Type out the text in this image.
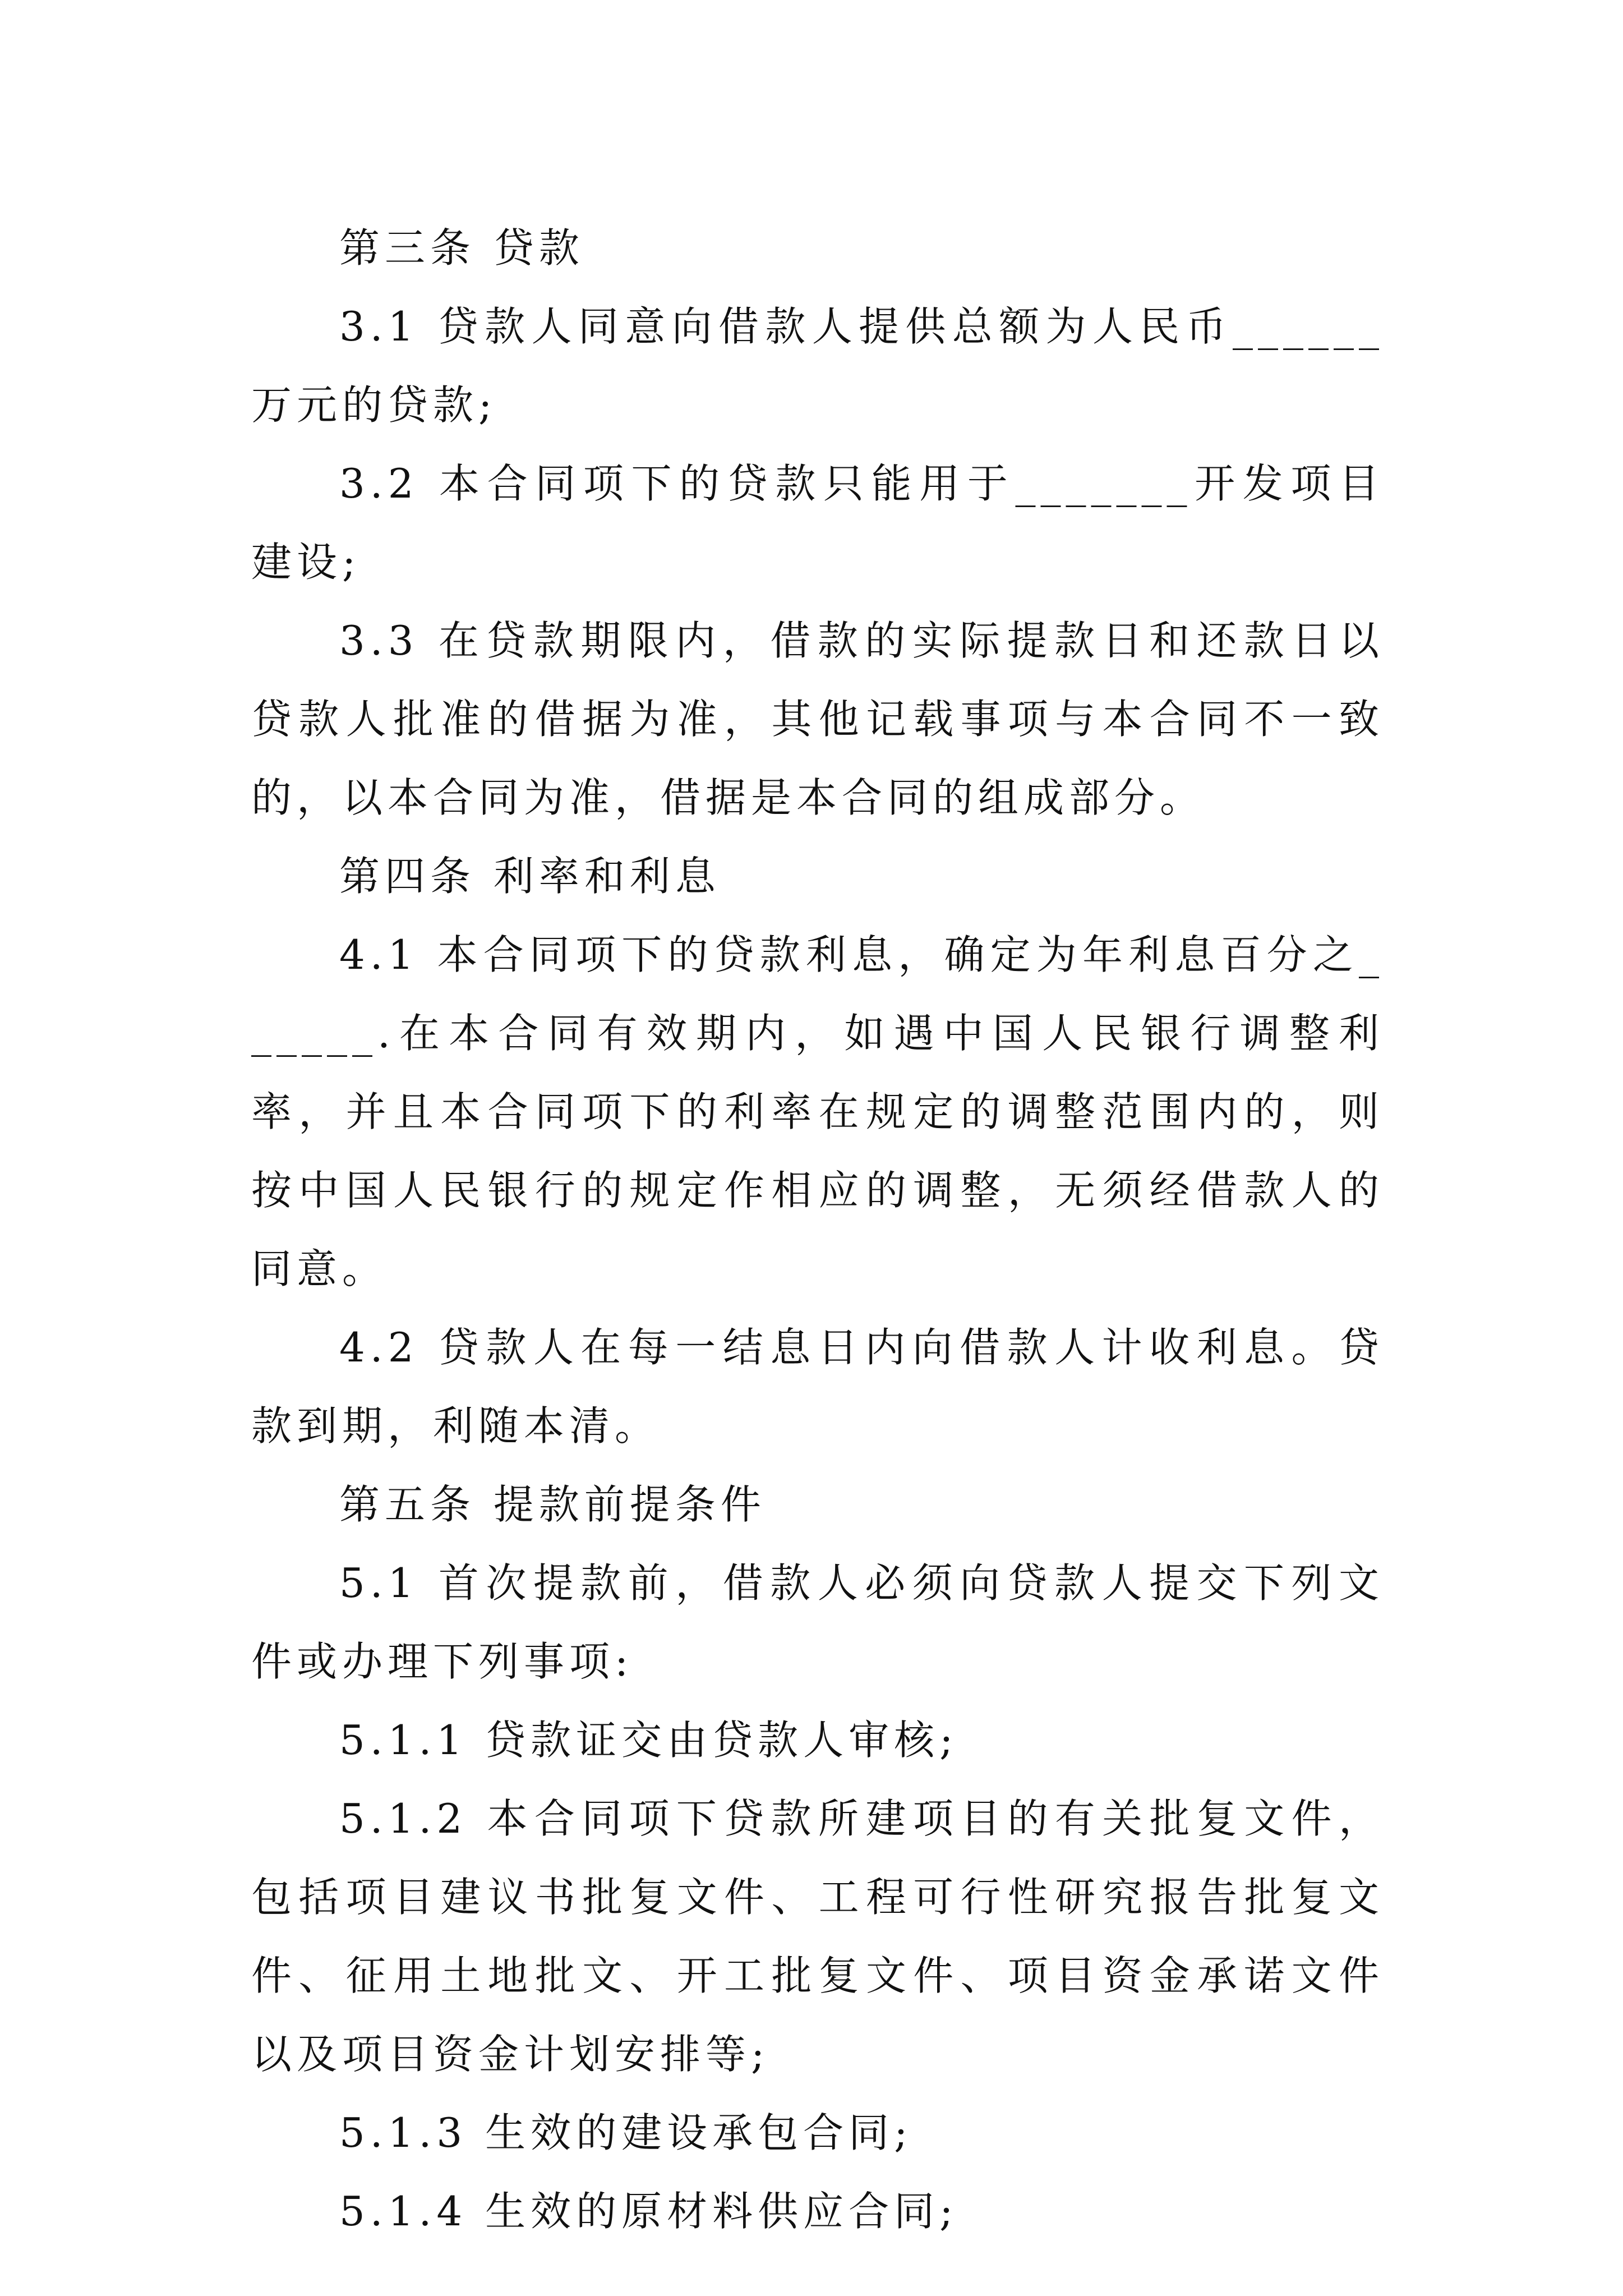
第三条 贷款

3.1 贷款人同意向借款人提供总额为人民币______万元的贷款;

3.2 本合同项下的贷款只能用于_______开发项目建设;

3.3 在贷款期限内，借款的实际提款日和还款日以贷款人批准的借据为准，其他记载事项与本合同不一致的，以本合同为准，借据是本合同的组成部分。

第四条 利率和利息

4.1 本合同项下的贷款利息，确定为年利息百分之______.在本合同有效期内，如遇中国人民银行调整利率，并且本合同项下的利率在规定的调整范围内的，则按中国人民银行的规定作相应的调整，无须经借款人的同意。

4.2 贷款人在每一结息日内向借款人计收利息。贷款到期，利随本清。

第五条 提款前提条件

5.1 首次提款前，借款人必须向贷款人提交下列文件或办理下列事项:

5.1.1 贷款证交由贷款人审核;

5.1.2 本合同项下贷款所建项目的有关批复文件，包括项目建议书批复文件、工程可行性研究报告批复文件、征用土地批文、开工批复文件、项目资金承诺文件以及项目资金计划安排等;

5.1.3 生效的建设承包合同;

5.1.4 生效的原材料供应合同;
